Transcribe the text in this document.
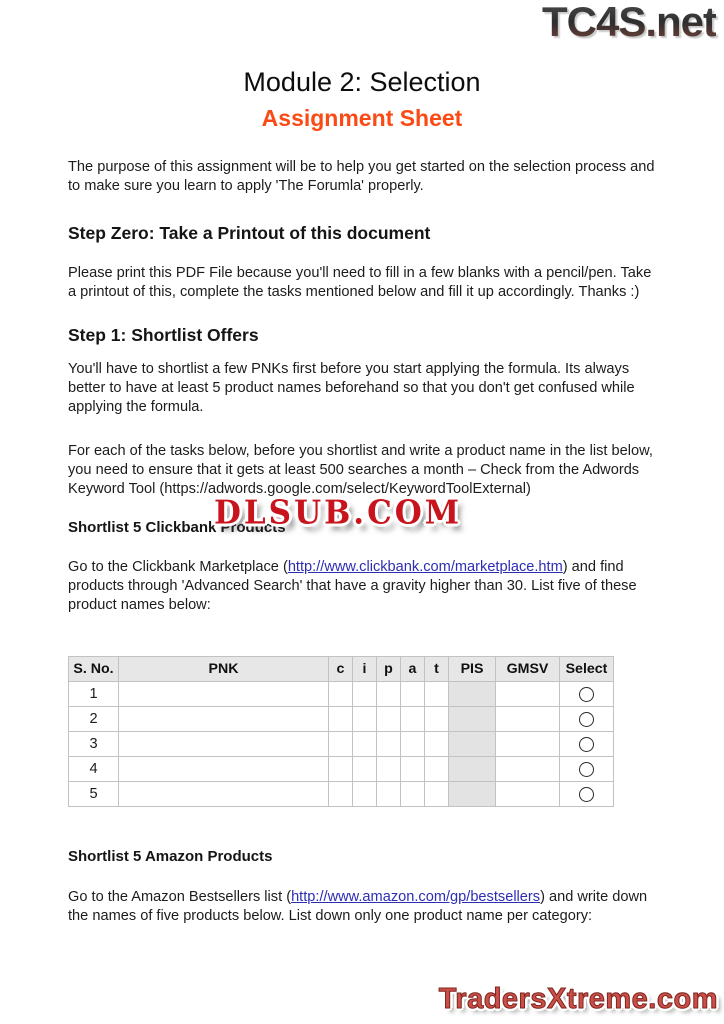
TC4S.net
Module 2: Selection
Assignment Sheet

The purpose of this assignment will be to help you get started on the selection process and to make sure you learn to apply 'The Forumla' properly.

Step Zero: Take a Printout of this document

Please print this PDF File because you'll need to fill in a few blanks with a pencil/pen. Take a printout of this, complete the tasks mentioned below and fill it up accordingly. Thanks :)

Step 1: Shortlist Offers

You'll have to shortlist a few PNKs first before you start applying the formula. Its always better to have at least 5 product names beforehand so that you don't get confused while applying the formula.

For each of the tasks below, before you shortlist and write a product name in the list below, you need to ensure that it gets at least 500 searches a month – Check from the Adwords Keyword Tool (https://adwords.google.com/select/KeywordToolExternal)

Shortlist 5 Clickbank Products
DLSUB.COM

Go to the Clickbank Marketplace (http://www.clickbank.com/marketplace.htm) and find products through 'Advanced Search' that have a gravity higher than 30. List five of these product names below:

S. No.	PNK	c	i	p	a	t	PIS	GMSV	Select
1									
2									
3									
4									
5									
Shortlist 5 Amazon Products

Go to the Amazon Bestsellers list (http://www.amazon.com/gp/bestsellers) and write down the names of five products below. List down only one product name per category:

TradersXtreme.com
